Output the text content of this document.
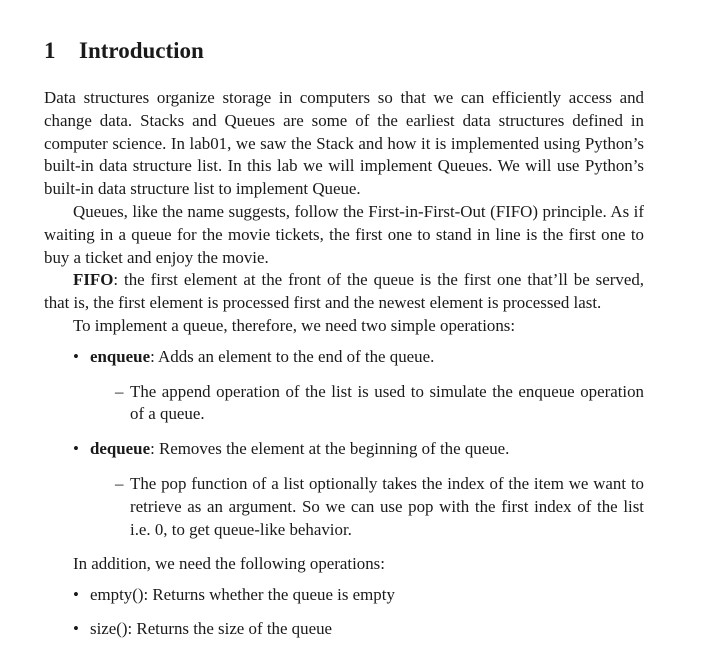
1 Introduction

Data structures organize storage in computers so that we can efficiently access and change data. Stacks and Queues are some of the earliest data structures defined in computer science. In lab01, we saw the Stack and how it is implemented using Python’s built-in data structure list. In this lab we will implement Queues. We will use Python’s built-in data structure list to implement Queue.

Queues, like the name suggests, follow the First-in-First-Out (FIFO) principle. As if waiting in a queue for the movie tickets, the first one to stand in line is the first one to buy a ticket and enjoy the movie.

FIFO: the first element at the front of the queue is the first one that’ll be served, that is, the first element is processed first and the newest element is processed last.

To implement a queue, therefore, we need two simple operations:

• enqueue: Adds an element to the end of the queue.
– The append operation of the list is used to simulate the enqueue operation of a queue.
• dequeue: Removes the element at the beginning of the queue.
– The pop function of a list optionally takes the index of the item we want to retrieve as an argument. So we can use pop with the first index of the list i.e. 0, to get queue-like behavior.

In addition, we need the following operations:

• empty(): Returns whether the queue is empty
• size(): Returns the size of the queue
